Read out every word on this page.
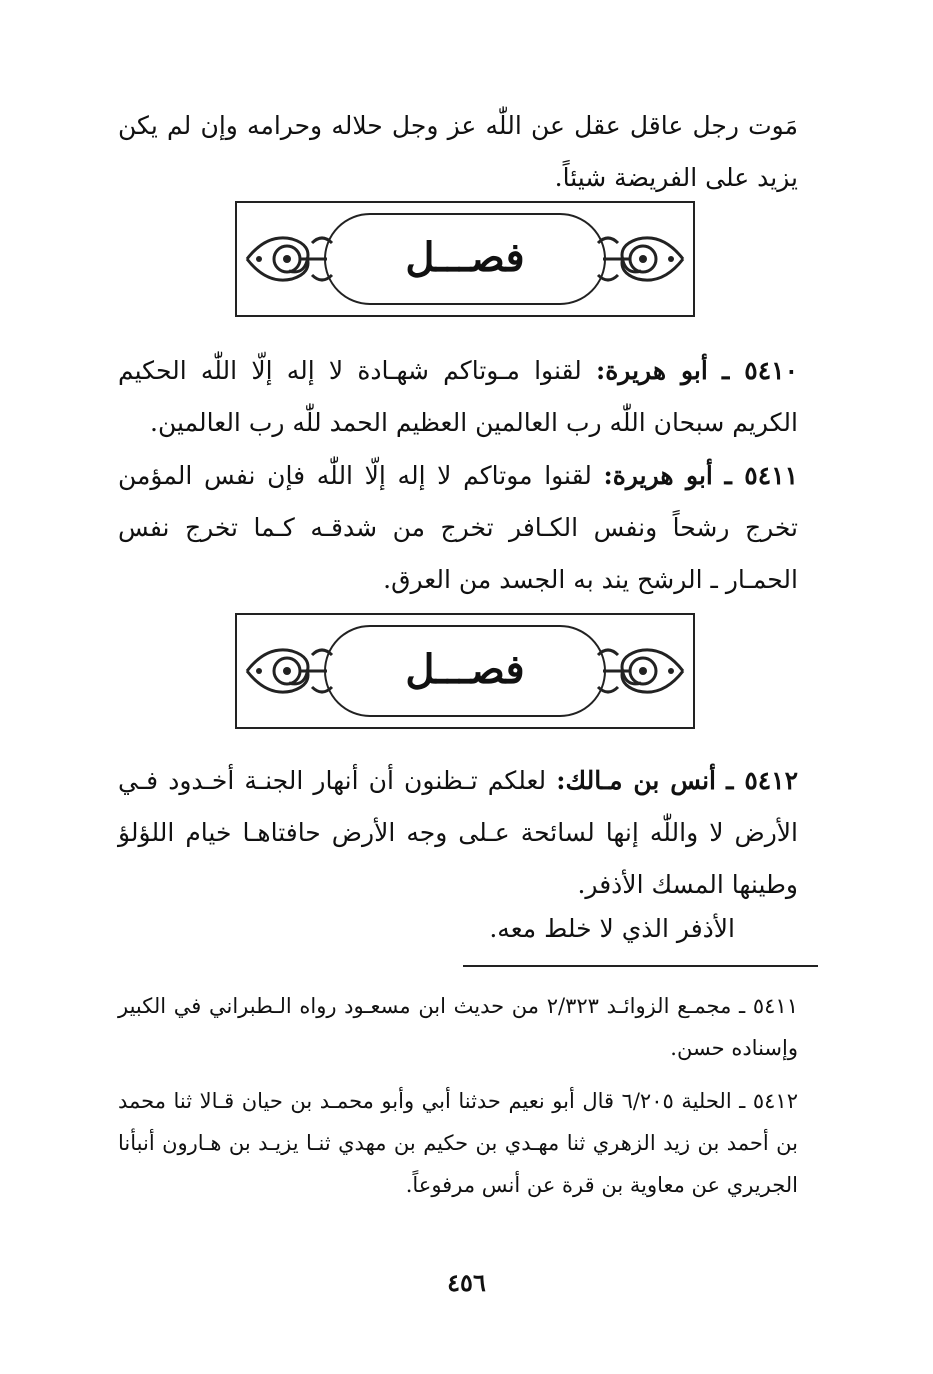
مَوت رجل عاقل عقل عن اللّٰه عز وجل حلاله وحرامه وإن لم يكن يزيد على الفريضة شيئاً.

فصـــل

٥٤١٠ ـ أبو هريرة: لقنوا مـوتاكم شهـادة لا إله إلّا اللّٰه الحكيم الكريم سبحان اللّٰه رب العالمين العظيم الحمد للّٰه رب العالمين.

٥٤١١ ـ أبو هريرة: لقنوا موتاكم لا إله إلّا اللّٰه فإن نفس المؤمن تخرج رشحاً ونفس الكـافر تخرج من شدقـه كـما تخرج نفس الحمـار ـ الرشح يند به الجسد من العرق.

فصـــل

٥٤١٢ ـ أنس بن مـالك: لعلكم تـظنون أن أنهار الجنـة أخـدود فـي الأرض لا واللّٰه إنها لسائحة عـلى وجه الأرض حافتاهـا خيام اللؤلؤ وطينها المسك الأذفر.

الأذفر الذي لا خلط معه.

٥٤١١ ـ مجمـع الزوائـد ٢/٣٢٣ من حديث ابن مسعـود رواه الـطبراني في الكبير وإسناده حسن.

٥٤١٢ ـ الحلية ٦/٢٠٥ قال أبو نعيم حدثنا أبي وأبو محمـد بن حيان قـالا ثنا محمد بن أحمد بن زيد الزهري ثنا مهـدي بن حكيم بن مهدي ثنـا يزيـد بن هـارون أنبأنا الجريري عن معاوية بن قرة عن أنس مرفوعاً.

٤٥٦
